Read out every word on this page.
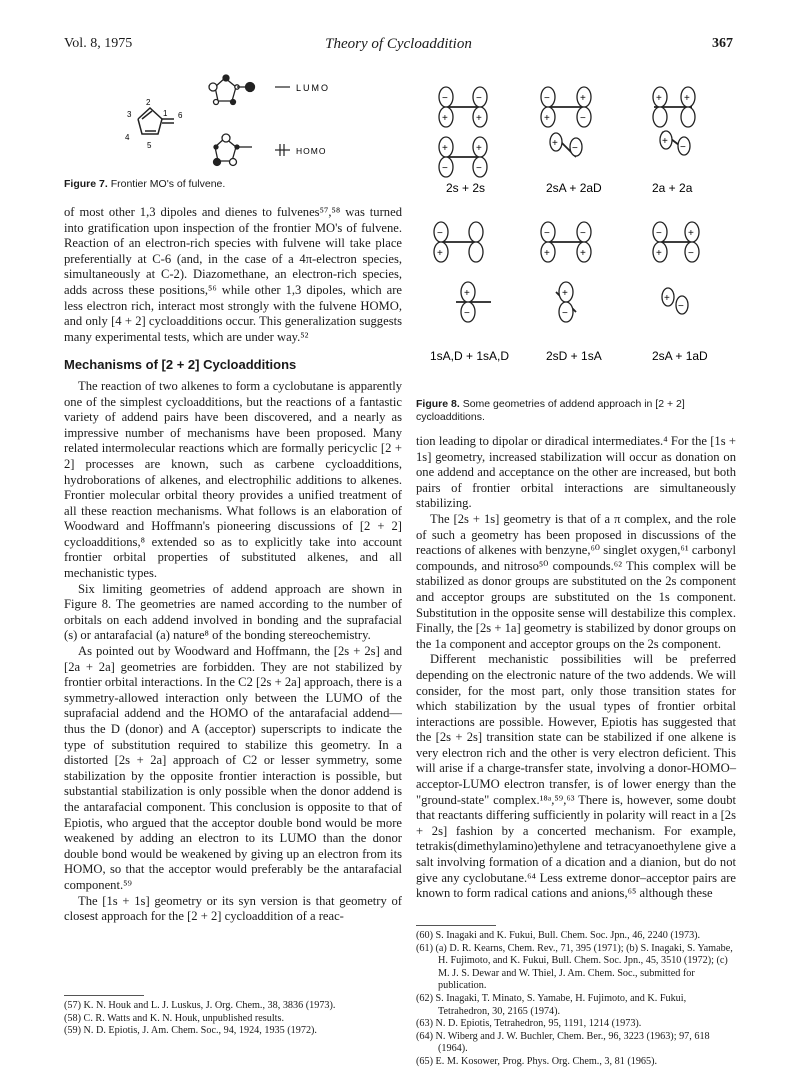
Vol. 8, 1975	Theory of Cycloaddition	367
2
3	1 6
4
5
LUMO
HOMO
Figure 7. Frontier MO's of fulvene.
−
+
−
+
+
−
+
−
2s + 2s
−
+
+
−
+ −
2sA + 2aD
+ +
+
−
2a + 2a
−
+
+
−
1sA,D + 1sA,D
−
+
−
+
+
−
2sD + 1sA
−
+
+
−
+
−
2sA + 1aD
Figure 8. Some geometries of addend approach in [2 + 2] cycloadditions.

of most other 1,3 dipoles and dienes to fulvenes⁵⁷,⁵⁸ was turned into gratification upon inspection of the frontier MO's of fulvene. Reaction of an electron-rich species with fulvene will take place preferentially at C-6 (and, in the case of a 4π-electron species, simultaneously at C-2). Diazomethane, an electron-rich species, adds across these positions,⁵⁶ while other 1,3 dipoles, which are less electron rich, interact most strongly with the fulvene HOMO, and only [4 + 2] cycloadditions occur. This generalization suggests many experimental tests, which are under way.⁵²

Mechanisms of [2 + 2] Cycloadditions

The reaction of two alkenes to form a cyclobutane is apparently one of the simplest cycloadditions, but the reactions of a fantastic variety of addend pairs have been discovered, and a nearly as impressive number of mechanisms have been proposed. Many related intermolecular reactions which are formally pericyclic [2 + 2] processes are known, such as carbene cycloadditions, hydroborations of alkenes, and electrophilic additions to alkenes. Frontier molecular orbital theory provides a unified treatment of all these reaction mechanisms. What follows is an elaboration of Woodward and Hoffmann's pioneering discussions of [2 + 2] cycloadditions,⁸ extended so as to explicitly take into account frontier orbital properties of substituted alkenes, and all mechanistic types.

Six limiting geometries of addend approach are shown in Figure 8. The geometries are named according to the number of orbitals on each addend involved in bonding and the suprafacial (s) or antarafacial (a) nature⁸ of the bonding stereochemistry.

As pointed out by Woodward and Hoffmann, the [2s + 2s] and [2a + 2a] geometries are forbidden. They are not stabilized by frontier orbital interactions. In the C2 [2s + 2a] approach, there is a symmetry-allowed interaction only between the LUMO of the suprafacial addend and the HOMO of the antarafacial addend—thus the D (donor) and A (acceptor) superscripts to indicate the type of substitution required to stabilize this geometry. In a distorted [2s + 2a] approach of C2 or lesser symmetry, some stabilization by the opposite frontier interaction is possible, but substantial stabilization is only possible when the donor addend is the antarafacial component. This conclusion is opposite to that of Epiotis, who argued that the acceptor double bond would be more weakened by adding an electron to its LUMO than the donor double bond would be weakened by giving up an electron from its HOMO, so that the acceptor would preferably be the antarafacial component.⁵⁹

The [1s + 1s] geometry or its syn version is that geometry of closest approach for the [2 + 2] cycloaddition of a reac-

tion leading to dipolar or diradical intermediates.⁴ For the [1s + 1s] geometry, increased stabilization will occur as donation on one addend and acceptance on the other are increased, but both pairs of frontier orbital interactions are simultaneously stabilizing.

The [2s + 1s] geometry is that of a π complex, and the role of such a geometry has been proposed in discussions of the reactions of alkenes with benzyne,⁶⁰ singlet oxygen,⁶¹ carbonyl compounds, and nitroso⁵⁰ compounds.⁶² This complex will be stabilized as donor groups are substituted on the 2s component and acceptor groups are substituted on the 1s component. Substitution in the opposite sense will destabilize this complex. Finally, the [2s + 1a] geometry is stabilized by donor groups on the 1a component and acceptor groups on the 2s component.

Different mechanistic possibilities will be preferred depending on the electronic nature of the two addends. We will consider, for the most part, only those transition states for which stabilization by the usual types of frontier orbital interactions are possible. However, Epiotis has suggested that the [2s + 2s] transition state can be stabilized if one alkene is very electron rich and the other is very electron deficient. This will arise if a charge-transfer state, involving a donor-HOMO–acceptor-LUMO electron transfer, is of lower energy than the "ground-state" complex.¹⁸ᵃ,⁵⁹,⁶³ There is, however, some doubt that reactants differing sufficiently in polarity will react in a [2s + 2s] fashion by a concerted mechanism. For example, tetrakis(dimethylamino)ethylene and tetracyanoethylene give a salt involving formation of a dication and a dianion, but do not give any cyclobutane.⁶⁴ Less extreme donor–acceptor pairs are known to form radical cations and anions,⁶⁵ although these

(57) K. N. Houk and L. J. Luskus, J. Org. Chem., 38, 3836 (1973).
(58) C. R. Watts and K. N. Houk, unpublished results.
(59) N. D. Epiotis, J. Am. Chem. Soc., 94, 1924, 1935 (1972).
(60) S. Inagaki and K. Fukui, Bull. Chem. Soc. Jpn., 46, 2240 (1973).
(61) (a) D. R. Kearns, Chem. Rev., 71, 395 (1971); (b) S. Inagaki, S. Yamabe, H. Fujimoto, and K. Fukui, Bull. Chem. Soc. Jpn., 45, 3510 (1972); (c) M. J. S. Dewar and W. Thiel, J. Am. Chem. Soc., submitted for publication.
(62) S. Inagaki, T. Minato, S. Yamabe, H. Fujimoto, and K. Fukui, Tetrahedron, 30, 2165 (1974).
(63) N. D. Epiotis, Tetrahedron, 95, 1191, 1214 (1973).
(64) N. Wiberg and J. W. Buchler, Chem. Ber., 96, 3223 (1963); 97, 618 (1964).
(65) E. M. Kosower, Prog. Phys. Org. Chem., 3, 81 (1965).
